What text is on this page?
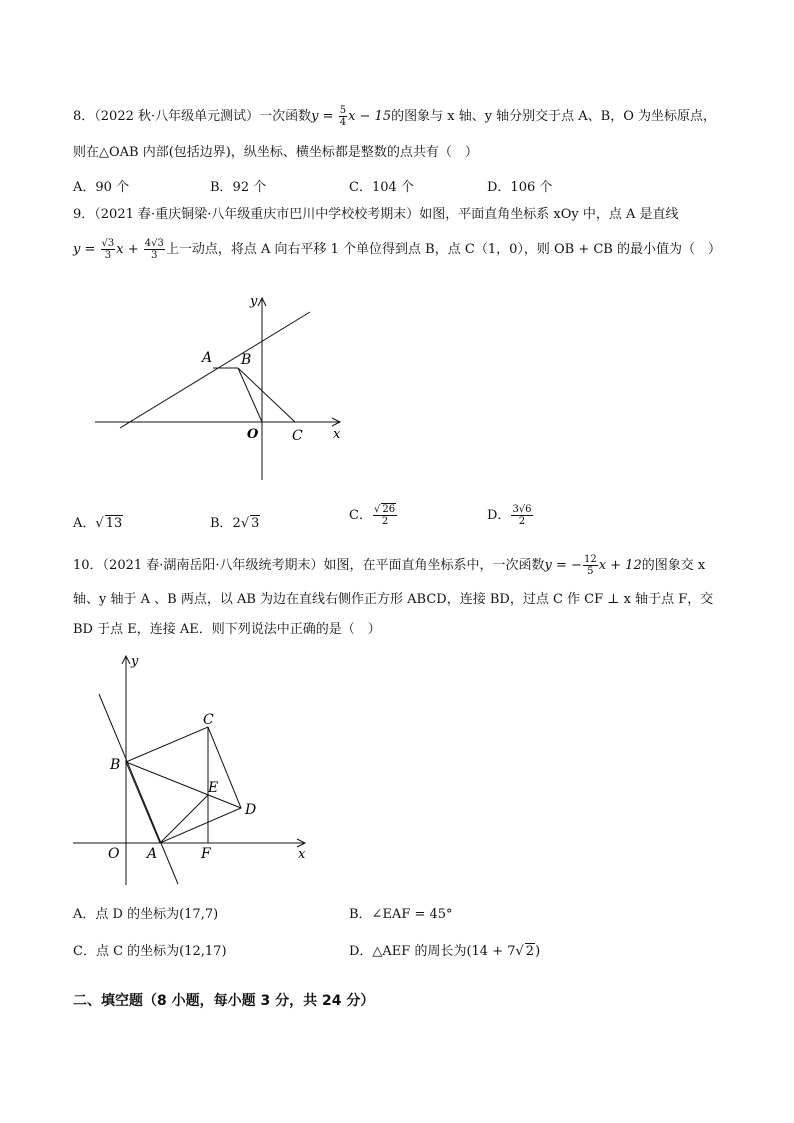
8．（2022 秋·八年级单元测试）一次函数$y = \frac{5}{4}$ x − 15的图象与 x 轴、y 轴分别交于点 A、B，O 为坐标原点，
则在△OAB 内部(包括边界)，纵坐标、横坐标都是整数的点共有（　）
A．90 个	B．92 个	C．104 个	D．106 个
9．（2021 春·重庆铜梁·八年级重庆市巴川中学校校考期末）如图，平面直角坐标系 xOy 中，点 A 是直线
$y = \frac{√3}{3}$ $x + \frac{4√3}{3}$ 上一动点，将点 A 向右平移 1 个单位得到点 B，点 C（1，0），则 OB + CB 的最小值为（　）
y
x
A B
O C
A．√ 13	B．2√ 3
C． $\frac{√ 26}{2}$	D． $\frac{3√6}{2}$
10．（2021 春·湖南岳阳·八年级统考期末）如图，在平面直角坐标系中，一次函数y = − $\frac{12}{5}$ x + 12的图象交 x
轴、y 轴于 A 、B 两点，以 AB 为边在直线右侧作正方形 ABCD，连接 BD，过点 C 作 CF ⊥ x 轴于点 F，交
BD 于点 E，连接 AE．则下列说法中正确的是（　）
y
x
C
B
E
D
O A	F
A．点 D 的坐标为(17,7)	B．∠EAF = 45°
C．点 C 的坐标为(12,17)	D．△AEF 的周长为(14 + 7√ 2)
二、填空题（8 小题，每小题 3 分，共 24 分）
